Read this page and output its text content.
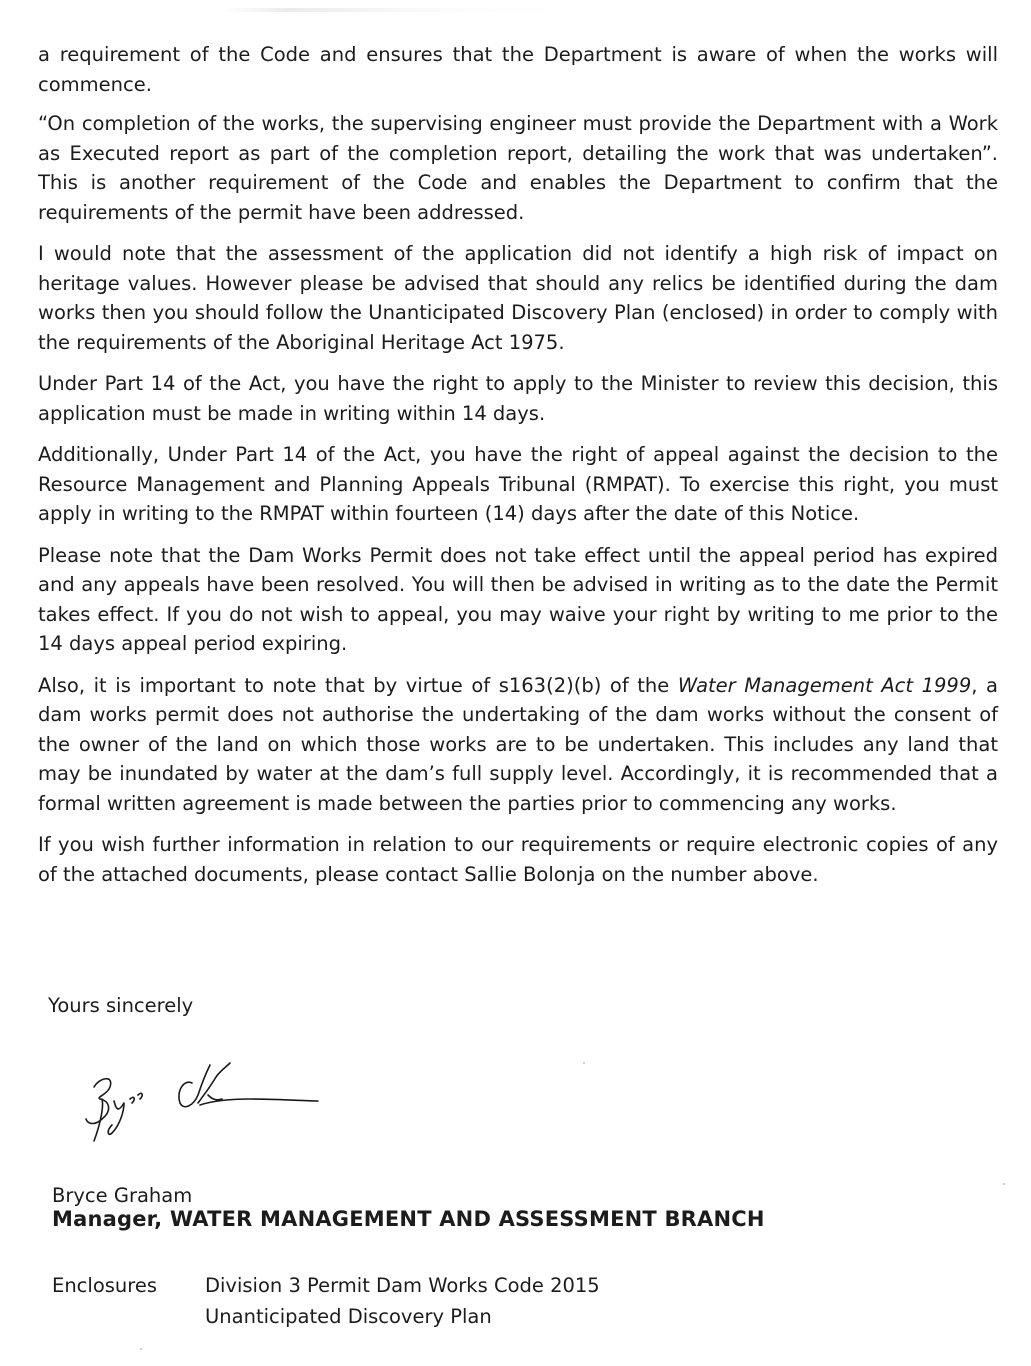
a requirement of the Code and ensures that the Department is aware of when the works will commence.

“On completion of the works, the supervising engineer must provide the Department with a Work as Executed report as part of the completion report, detailing the work that was undertaken”. This is another requirement of the Code and enables the Department to confirm that the requirements of the permit have been addressed.

I would note that the assessment of the application did not identify a high risk of impact on heritage values. However please be advised that should any relics be identified during the dam works then you should follow the Unanticipated Discovery Plan (enclosed) in order to comply with the requirements of the Aboriginal Heritage Act 1975.

Under Part 14 of the Act, you have the right to apply to the Minister to review this decision, this application must be made in writing within 14 days.

Additionally, Under Part 14 of the Act, you have the right of appeal against the decision to the Resource Management and Planning Appeals Tribunal (RMPAT). To exercise this right, you must apply in writing to the RMPAT within fourteen (14) days after the date of this Notice.

Please note that the Dam Works Permit does not take effect until the appeal period has expired and any appeals have been resolved. You will then be advised in writing as to the date the Permit takes effect. If you do not wish to appeal, you may waive your right by writing to me prior to the 14 days appeal period expiring.

Also, it is important to note that by virtue of s163(2)(b) of the Water Management Act 1999, a dam works permit does not authorise the undertaking of the dam works without the consent of the owner of the land on which those works are to be undertaken. This includes any land that may be inundated by water at the dam’s full supply level. Accordingly, it is recommended that a formal written agreement is made between the parties prior to commencing any works.

If you wish further information in relation to our requirements or require electronic copies of any of the attached documents, please contact Sallie Bolonja on the number above.

Yours sincerely
Bryce Graham
Manager, WATER MANAGEMENT AND ASSESSMENT BRANCH
Enclosures	Division 3 Permit Dam Works Code 2015
Unanticipated Discovery Plan
